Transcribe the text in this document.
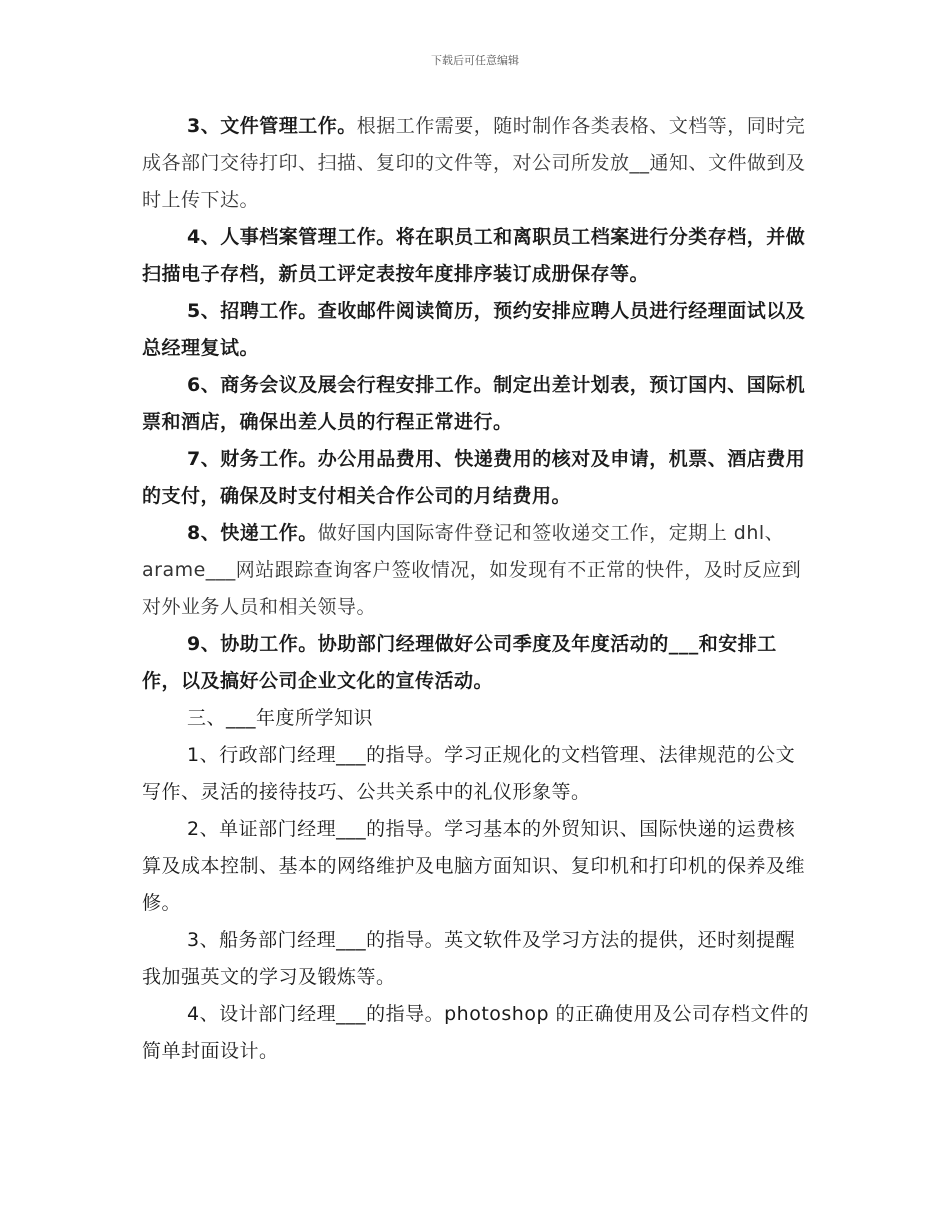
下载后可任意编辑

3、文件管理工作。根据工作需要，随时制作各类表格、文档等，同时完成各部门交待打印、扫描、复印的文件等，对公司所发放__通知、文件做到及时上传下达。

4、人事档案管理工作。将在职员工和离职员工档案进行分类存档，并做扫描电子存档，新员工评定表按年度排序装订成册保存等。

5、招聘工作。查收邮件阅读简历，预约安排应聘人员进行经理面试以及总经理复试。

6、商务会议及展会行程安排工作。制定出差计划表，预订国内、国际机票和酒店，确保出差人员的行程正常进行。

7、财务工作。办公用品费用、快递费用的核对及申请，机票、酒店费用的支付，确保及时支付相关合作公司的月结费用。

8、快递工作。做好国内国际寄件登记和签收递交工作，定期上 dhl、arame___网站跟踪查询客户签收情况，如发现有不正常的快件，及时反应到对外业务人员和相关领导。

9、协助工作。协助部门经理做好公司季度及年度活动的___和安排工作，以及搞好公司企业文化的宣传活动。

三、___年度所学知识

1、行政部门经理___的指导。学习正规化的文档管理、法律规范的公文写作、灵活的接待技巧、公共关系中的礼仪形象等。

2、单证部门经理___的指导。学习基本的外贸知识、国际快递的运费核算及成本控制、基本的网络维护及电脑方面知识、复印机和打印机的保养及维修。

3、船务部门经理___的指导。英文软件及学习方法的提供，还时刻提醒我加强英文的学习及锻炼等。

4、设计部门经理___的指导。photoshop 的正确使用及公司存档文件的简单封面设计。
